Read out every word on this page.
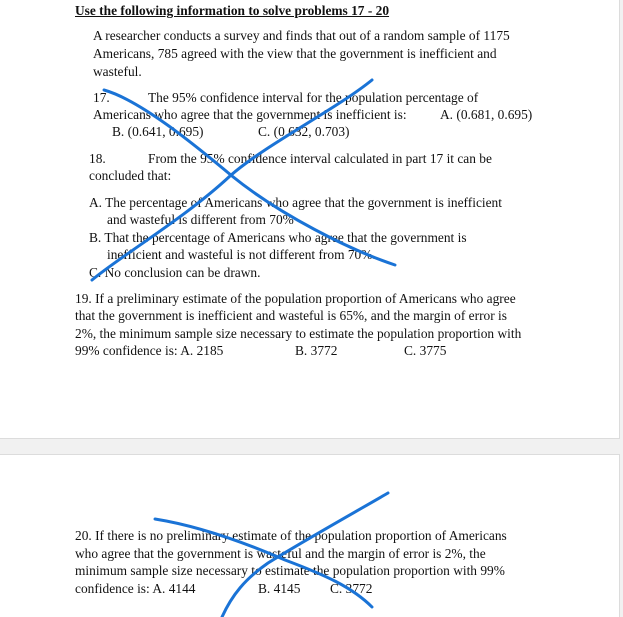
Use the following information to solve problems 17 - 20
A researcher conducts a survey and finds that out of a random sample of 1175
Americans, 785 agreed with the view that the government is inefficient and
wasteful.
17.	The 95% confidence interval for the population percentage of
Americans who agree that the government is inefficient is: A. (0.681, 0.695)
B. (0.641, 0.695)	C. (0.632, 0.703)
18.	From the 95% confidence interval calculated in part 17 it can be
concluded that:
A. The percentage of Americans who agree that the government is inefficient
and wasteful is different from 70%
B. That the percentage of Americans who agree that the government is
inefficient and wasteful is not different from 70%.
C. No conclusion can be drawn.
19. If a preliminary estimate of the population proportion of Americans who agree
that the government is inefficient and wasteful is 65%, and the margin of error is
2%, the minimum sample size necessary to estimate the population proportion with
99% confidence is: A. 2185	B. 3772	C. 3775
20. If there is no preliminary estimate of the population proportion of Americans
who agree that the government is wasteful and the margin of error is 2%, the
minimum sample size necessary to estimate the population proportion with 99%
confidence is: A. 4144	B. 4145 C. 3772
